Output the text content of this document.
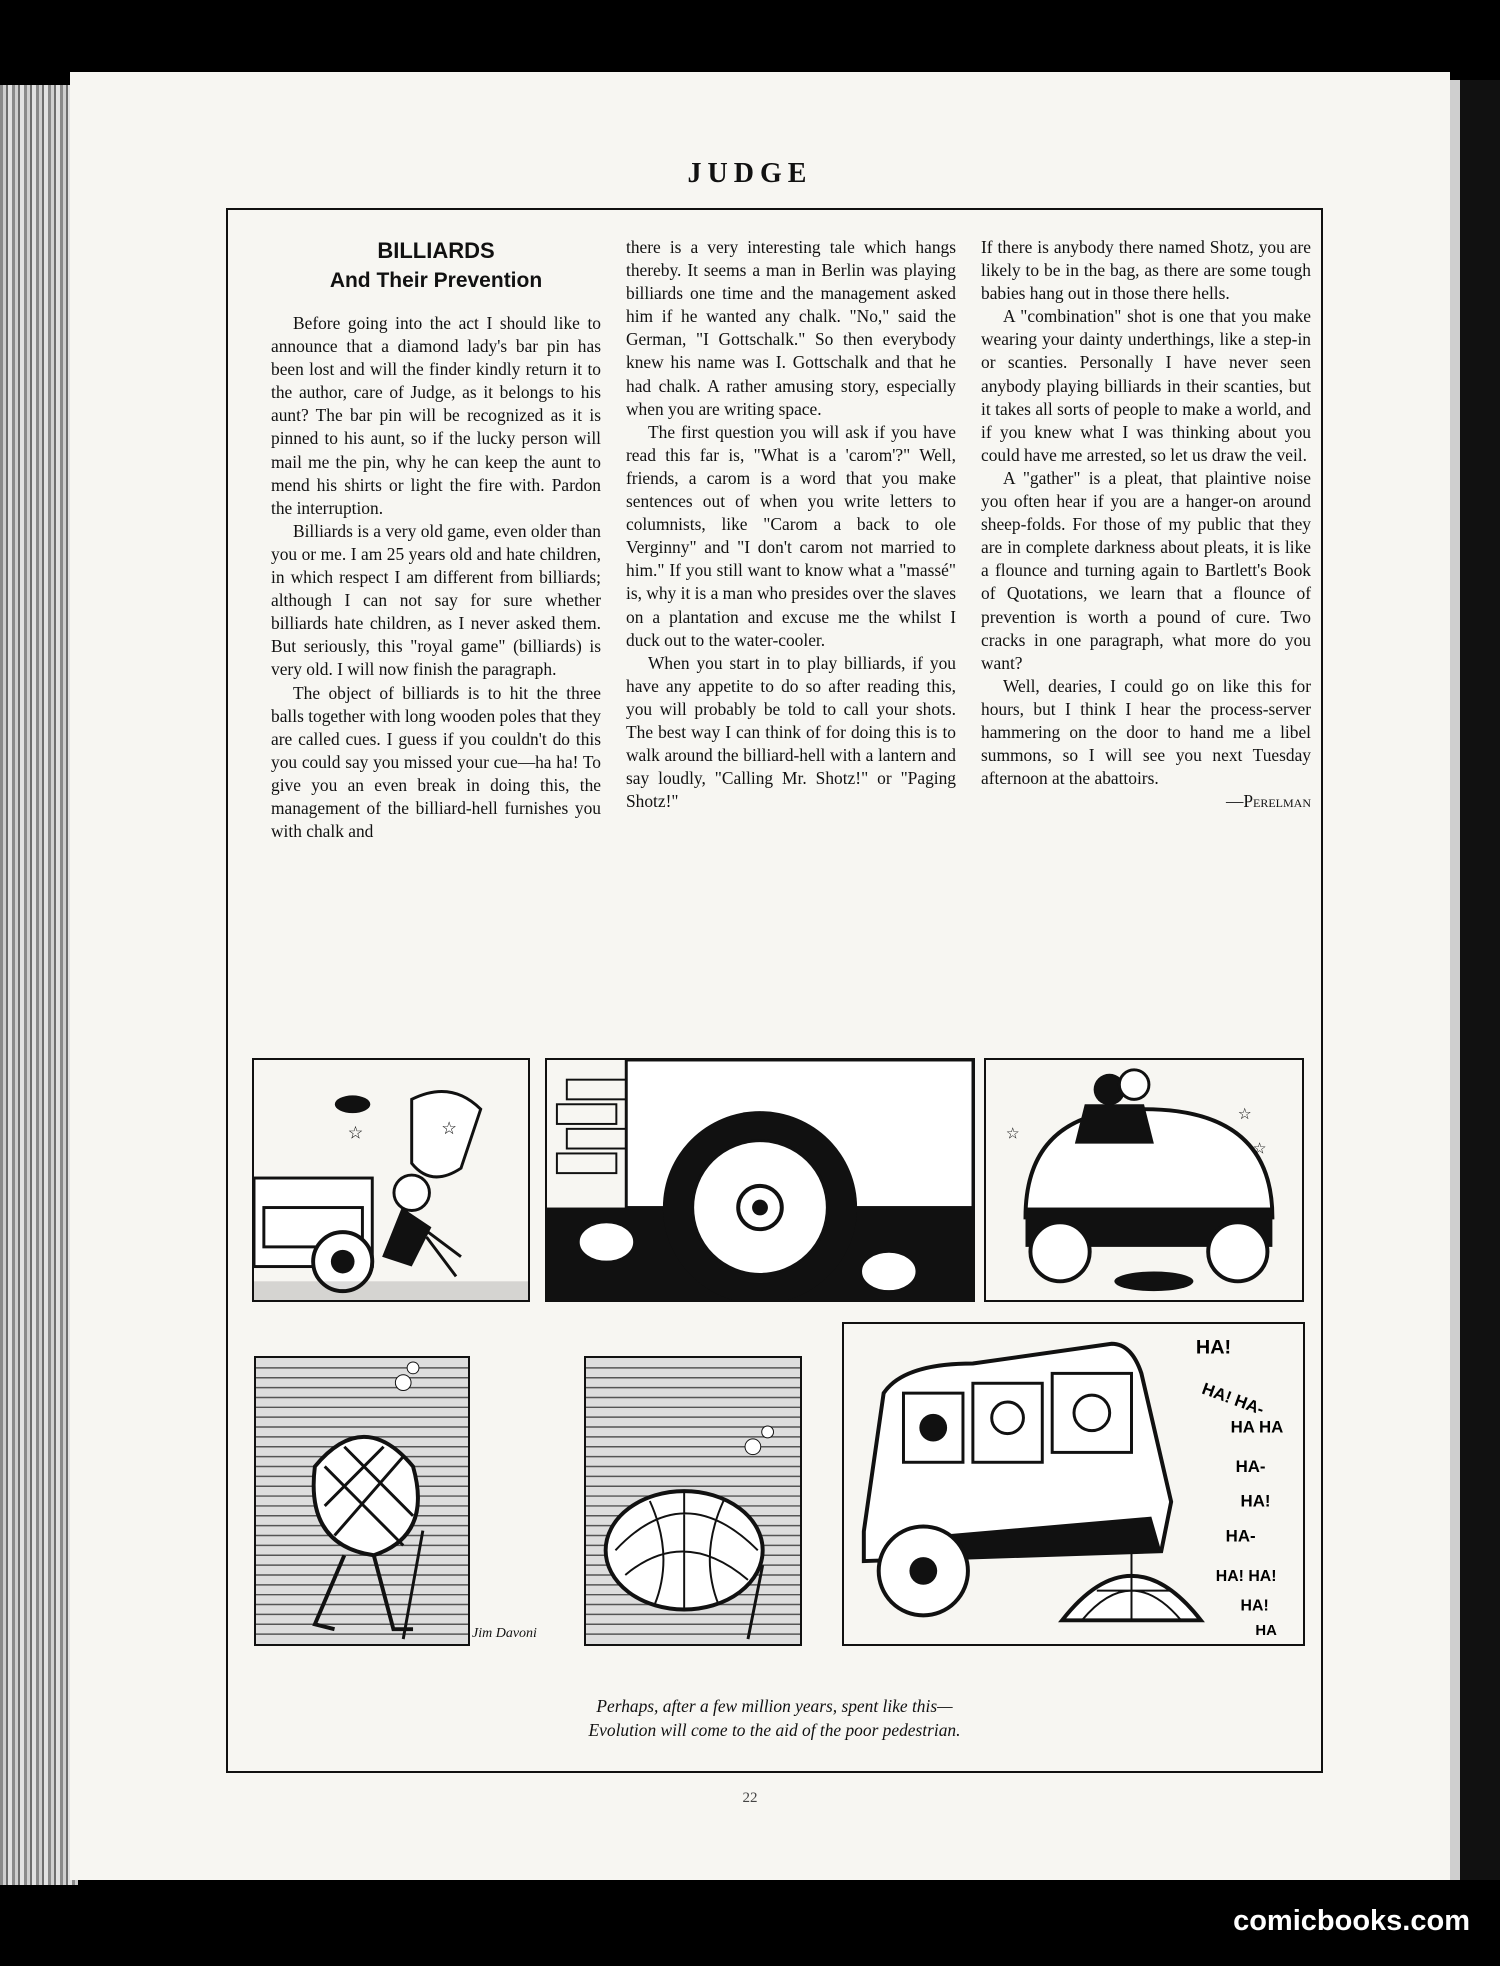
JUDGE
BILLIARDS
And Their Prevention

Before going into the act I should like to announce that a diamond lady's bar pin has been lost and will the finder kindly return it to the author, care of Judge, as it belongs to his aunt? The bar pin will be recognized as it is pinned to his aunt, so if the lucky person will mail me the pin, why he can keep the aunt to mend his shirts or light the fire with. Pardon the interruption.

Billiards is a very old game, even older than you or me. I am 25 years old and hate children, in which respect I am different from billiards; although I can not say for sure whether billiards hate children, as I never asked them. But seriously, this "royal game" (billiards) is very old. I will now finish the paragraph.

The object of billiards is to hit the three balls together with long wooden poles that they are called cues. I guess if you couldn't do this you could say you missed your cue—ha ha! To give you an even break in doing this, the management of the billiard-hell furnishes you with chalk and

there is a very interesting tale which hangs thereby. It seems a man in Berlin was playing billiards one time and the management asked him if he wanted any chalk. "No," said the German, "I Gottschalk." So then everybody knew his name was I. Gottschalk and that he had chalk. A rather amusing story, especially when you are writing space.

The first question you will ask if you have read this far is, "What is a 'carom'?" Well, friends, a carom is a word that you make sentences out of when you write letters to columnists, like "Carom a back to ole Verginny" and "I don't carom not married to him." If you still want to know what a "massé" is, why it is a man who presides over the slaves on a plantation and excuse me the whilst I duck out to the water-cooler.

When you start in to play billiards, if you have any appetite to do so after reading this, you will probably be told to call your shots. The best way I can think of for doing this is to walk around the billiard-hell with a lantern and say loudly, "Calling Mr. Shotz!" or "Paging Shotz!"

If there is anybody there named Shotz, you are likely to be in the bag, as there are some tough babies hang out in those there hells.

A "combination" shot is one that you make wearing your dainty underthings, like a step-in or scanties. Personally I have never seen anybody playing billiards in their scanties, but it takes all sorts of people to make a world, and if you knew what I was thinking about you could have me arrested, so let us draw the veil.

A "gather" is a pleat, that plaintive noise you often hear if you are a hanger-on around sheep-folds. For those of my public that they are in complete darkness about pleats, it is like a flounce and turning again to Bartlett's Book of Quotations, we learn that a flounce of prevention is worth a pound of cure. Two cracks in one paragraph, what more do you want?

Well, dearies, I could go on like this for hours, but I think I hear the process-server hammering on the door to hand me a libel summons, so I will see you next Tuesday afternoon at the abattoirs.

—Perelman
☆	☆
☆
☆
☆
HA!
HA! HA-
HA HA
HA-
HA!
HA-
HA! HA!
HA!
HA
Jim Davoni
Perhaps, after a few million years, spent like this—
Evolution will come to the aid of the poor pedestrian.
22
comicbooks.com
